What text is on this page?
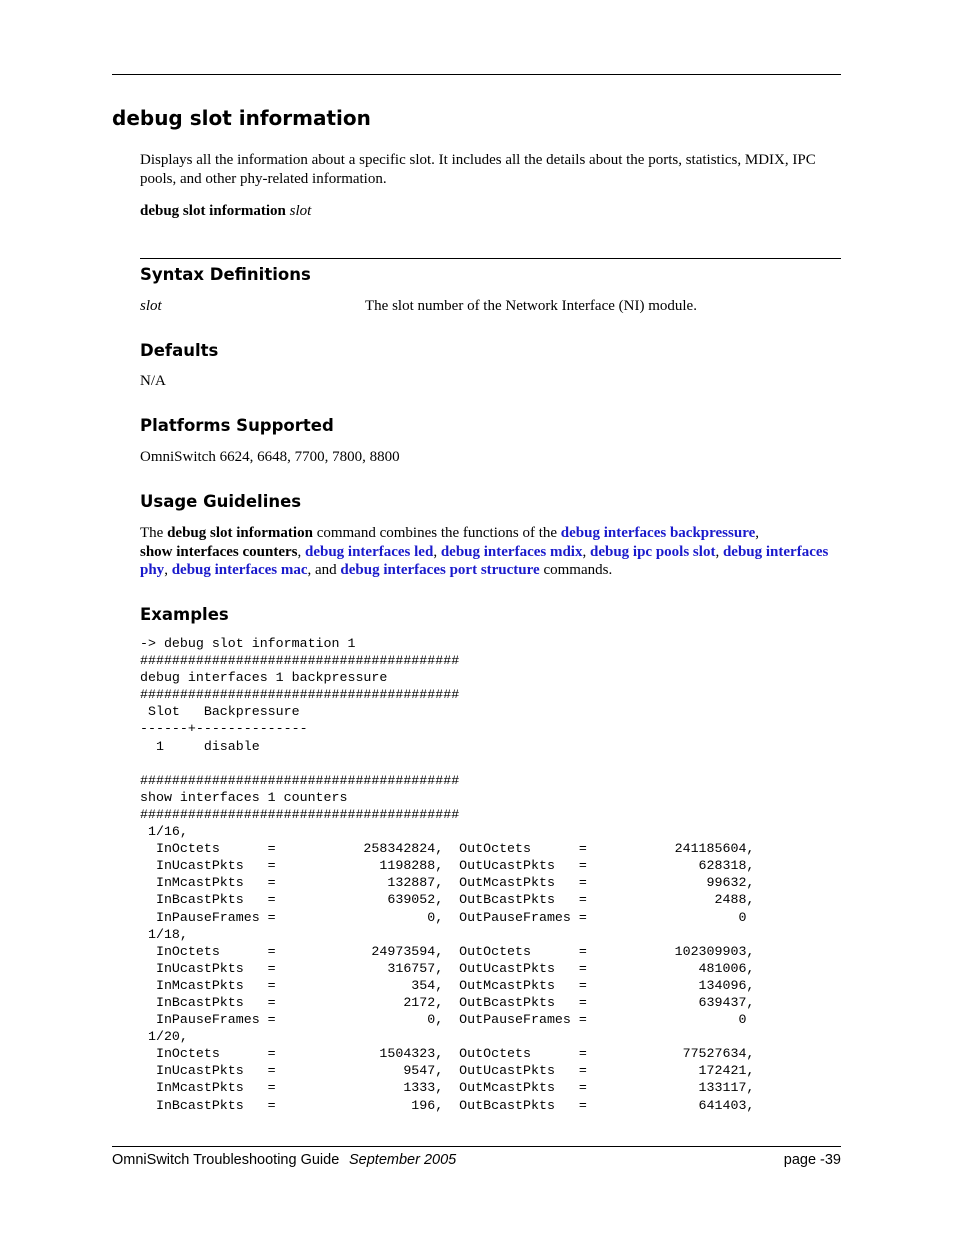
debug slot information

Displays all the information about a specific slot. It includes all the details about the ports, statistics, MDIX, IPC pools, and other phy-related information.

debug slot information slot

Syntax Definitions
slot	The slot number of the Network Interface (NI) module.
Defaults

N/A

Platforms Supported

OmniSwitch 6624, 6648, 7700, 7800, 8800

Usage Guidelines

The debug slot information command combines the functions of the debug interfaces backpressure,
show interfaces counters, debug interfaces led, debug interfaces mdix, debug ipc pools slot, debug interfaces phy, debug interfaces mac, and debug interfaces port structure commands.

Examples
-> debug slot information 1
########################################
debug interfaces 1 backpressure
########################################
Slot   Backpressure
------+--------------
1     disable

########################################
show interfaces 1 counters
########################################
1/16,
InOctets      =           258342824,  OutOctets      =           241185604,
InUcastPkts   =             1198288,  OutUcastPkts   =              628318,
InMcastPkts   =              132887,  OutMcastPkts   =               99632,
InBcastPkts   =              639052,  OutBcastPkts   =                2488,
InPauseFrames =                   0,  OutPauseFrames =                   0
1/18,
InOctets      =            24973594,  OutOctets      =           102309903,
InUcastPkts   =              316757,  OutUcastPkts   =              481006,
InMcastPkts   =                 354,  OutMcastPkts   =              134096,
InBcastPkts   =                2172,  OutBcastPkts   =              639437,
InPauseFrames =                   0,  OutPauseFrames =                   0
1/20,
InOctets      =             1504323,  OutOctets      =            77527634,
InUcastPkts   =                9547,  OutUcastPkts   =              172421,
InMcastPkts   =                1333,  OutMcastPkts   =              133117,
InBcastPkts   =                 196,  OutBcastPkts   =              641403,

OmniSwitch Troubleshooting Guide September 2005	page -39
